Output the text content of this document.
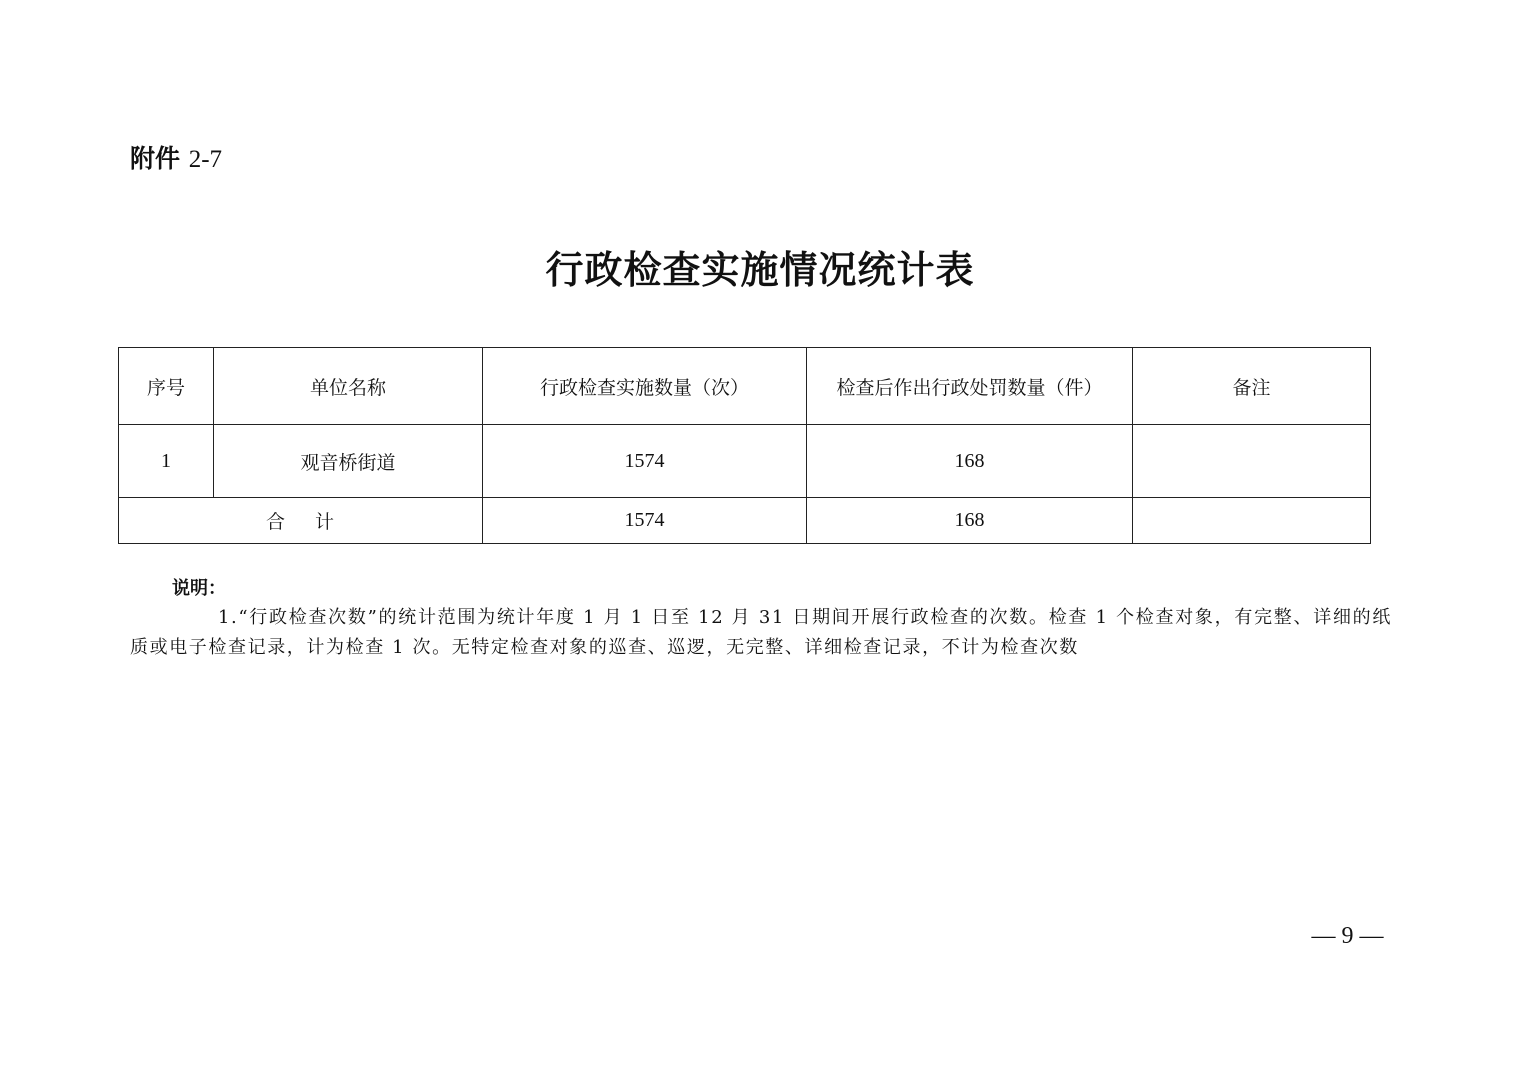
附件 2-7
行政检查实施情况统计表
序号	单位名称	行政检查实施数量（次）	检查后作出行政处罚数量（件）	备注
1	观音桥街道	1574	168	
合 计		1574	168	
说明：
1.“行政检查次数”的统计范围为统计年度 1 月 1 日至 12 月 31 日期间开展行政检查的次数。检查 1 个检查对象，有完整、详细的纸质或电子检查记录，计为检查 1 次。无特定检查对象的巡查、巡逻，无完整、详细检查记录，不计为检查次数
— 9 —
